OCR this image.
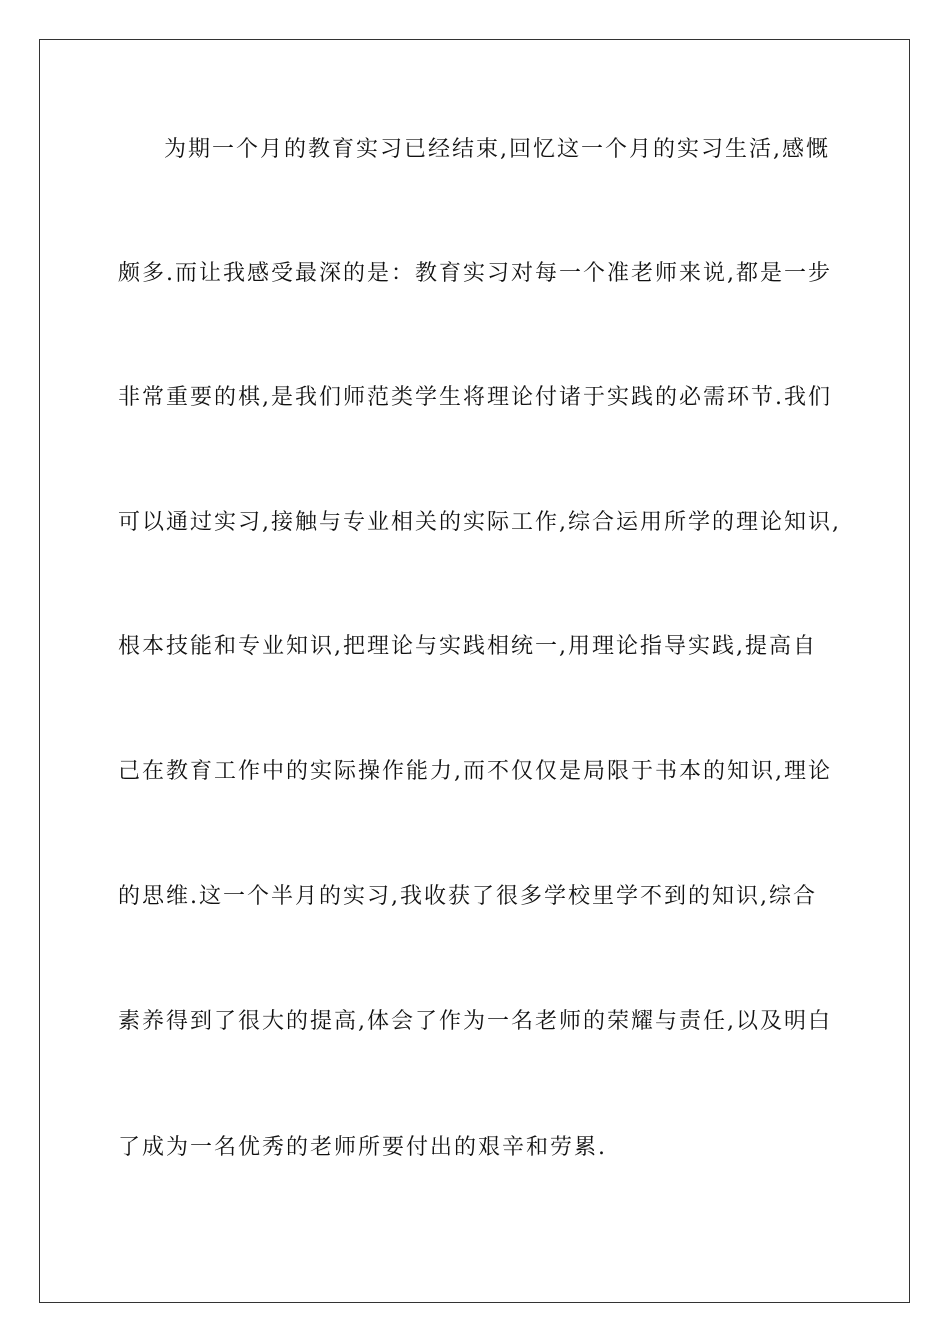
为期一个月的教育实习已经结束,回忆这一个月的实习生活,感慨
颇多.而让我感受最深的是：教育实习对每一个准老师来说,都是一步
非常重要的棋,是我们师范类学生将理论付诸于实践的必需环节.我们
可以通过实习,接触与专业相关的实际工作,综合运用所学的理论知识,
根本技能和专业知识,把理论与实践相统一,用理论指导实践,提高自
己在教育工作中的实际操作能力,而不仅仅是局限于书本的知识,理论
的思维.这一个半月的实习,我收获了很多学校里学不到的知识,综合
素养得到了很大的提高,体会了作为一名老师的荣耀与责任,以及明白
了成为一名优秀的老师所要付出的艰辛和劳累.
